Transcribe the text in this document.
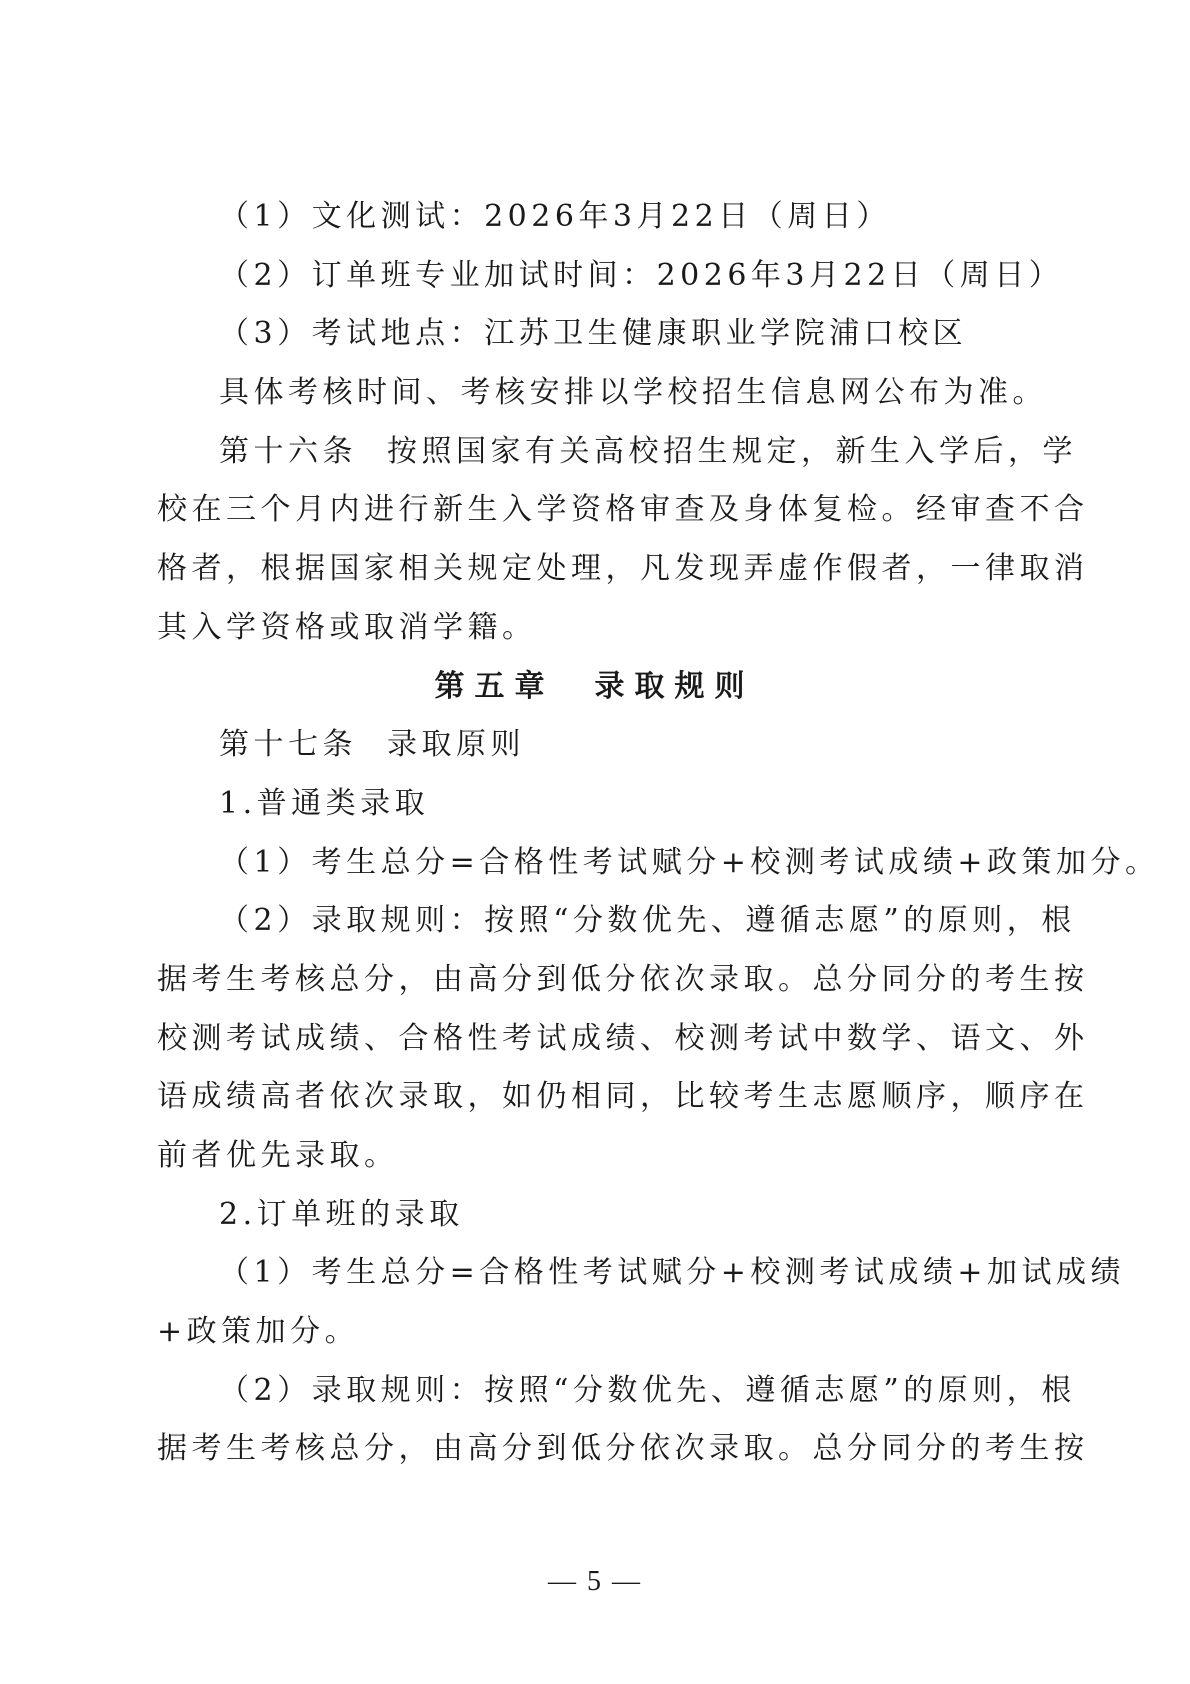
（1）文化测试：2026年3月22日（周日）
（2）订单班专业加试时间：2026年3月22日（周日）
（3）考试地点：江苏卫生健康职业学院浦口校区
具体考核时间、考核安排以学校招生信息网公布为准。
第十六条 按照国家有关高校招生规定，新生入学后，学
校在三个月内进行新生入学资格审查及身体复检。经审查不合
格者，根据国家相关规定处理，凡发现弄虚作假者，一律取消
其入学资格或取消学籍。
第五章 录取规则
第十七条 录取原则
1.普通类录取
（1）考生总分=合格性考试赋分+校测考试成绩+政策加分。
（2）录取规则：按照“分数优先、遵循志愿”的原则，根
据考生考核总分，由高分到低分依次录取。总分同分的考生按
校测考试成绩、合格性考试成绩、校测考试中数学、语文、外
语成绩高者依次录取，如仍相同，比较考生志愿顺序，顺序在
前者优先录取。
2.订单班的录取
（1）考生总分=合格性考试赋分+校测考试成绩+加试成绩
+政策加分。
（2）录取规则：按照“分数优先、遵循志愿”的原则，根
据考生考核总分，由高分到低分依次录取。总分同分的考生按
— 5 —
